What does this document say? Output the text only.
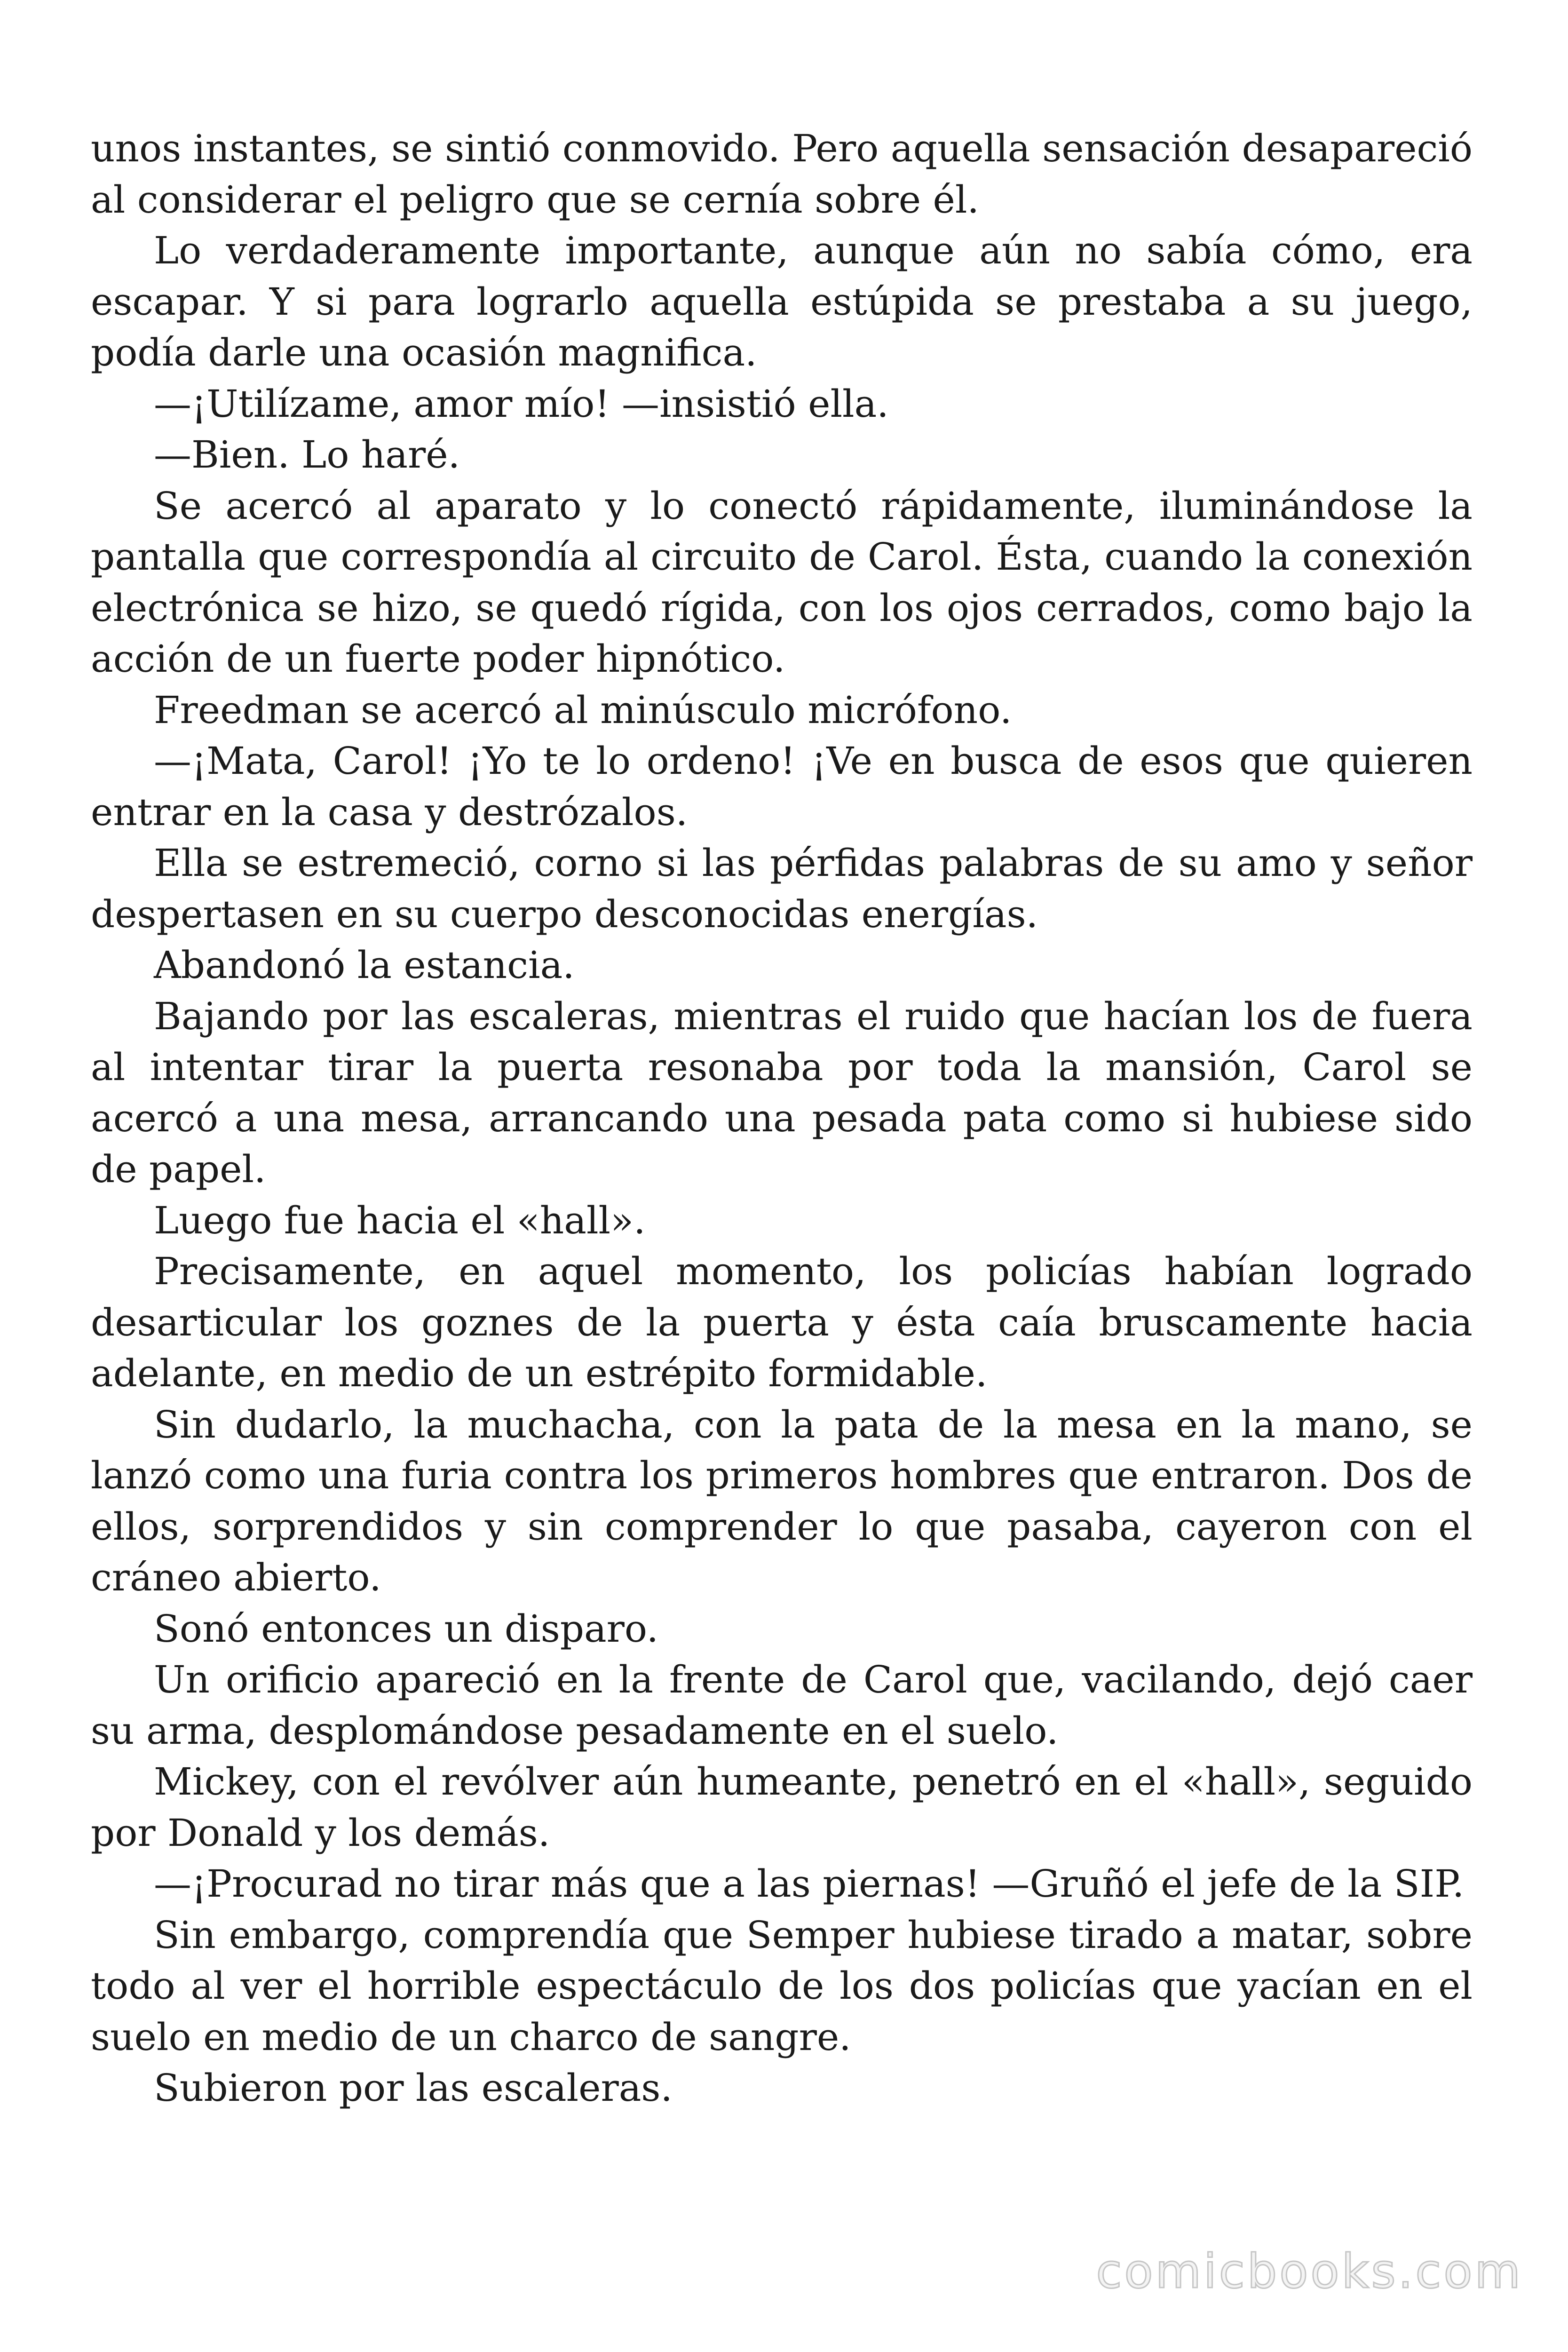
unos instantes, se sintió conmovido. Pero aquella sensación desapareció al considerar el peligro que se cernía sobre él.

Lo verdaderamente importante, aunque aún no sabía cómo, era escapar. Y si para lograrlo aquella estúpida se prestaba a su juego, podía darle una ocasión magnifica.

—¡Utilízame, amor mío! —insistió ella.

—Bien. Lo haré.

Se acercó al aparato y lo conectó rápidamente, iluminándose la pantalla que correspondía al circuito de Carol. Ésta, cuando la conexión electrónica se hizo, se quedó rígida, con los ojos cerrados, como bajo la acción de un fuerte poder hipnótico.

Freedman se acercó al minúsculo micrófono.

—¡Mata, Carol! ¡Yo te lo ordeno! ¡Ve en busca de esos que quieren entrar en la casa y destrózalos.

Ella se estremeció, corno si las pérfidas palabras de su amo y señor despertasen en su cuerpo desconocidas energías.

Abandonó la estancia.

Bajando por las escaleras, mientras el ruido que hacían los de fuera al intentar tirar la puerta resonaba por toda la mansión, Carol se acercó a una mesa, arrancando una pesada pata como si hubiese sido de papel.

Luego fue hacia el «hall».

Precisamente, en aquel momento, los policías habían logrado desarticular los goznes de la puerta y ésta caía bruscamente hacia adelante, en medio de un estrépito formidable.

Sin dudarlo, la muchacha, con la pata de la mesa en la mano, se lanzó como una furia contra los primeros hombres que entraron. Dos de ellos, sorprendidos y sin comprender lo que pasaba, cayeron con el cráneo abierto.

Sonó entonces un disparo.

Un orificio apareció en la frente de Carol que, vacilando, dejó caer su arma, desplomándose pesadamente en el suelo.

Mickey, con el revólver aún humeante, penetró en el «hall», seguido por Donald y los demás.

—¡Procurad no tirar más que a las piernas! —Gruñó el jefe de la SIP.

Sin embargo, comprendía que Semper hubiese tirado a matar, sobre todo al ver el horrible espectáculo de los dos policías que yacían en el suelo en medio de un charco de sangre.

Subieron por las escaleras.

comicbooks.com
